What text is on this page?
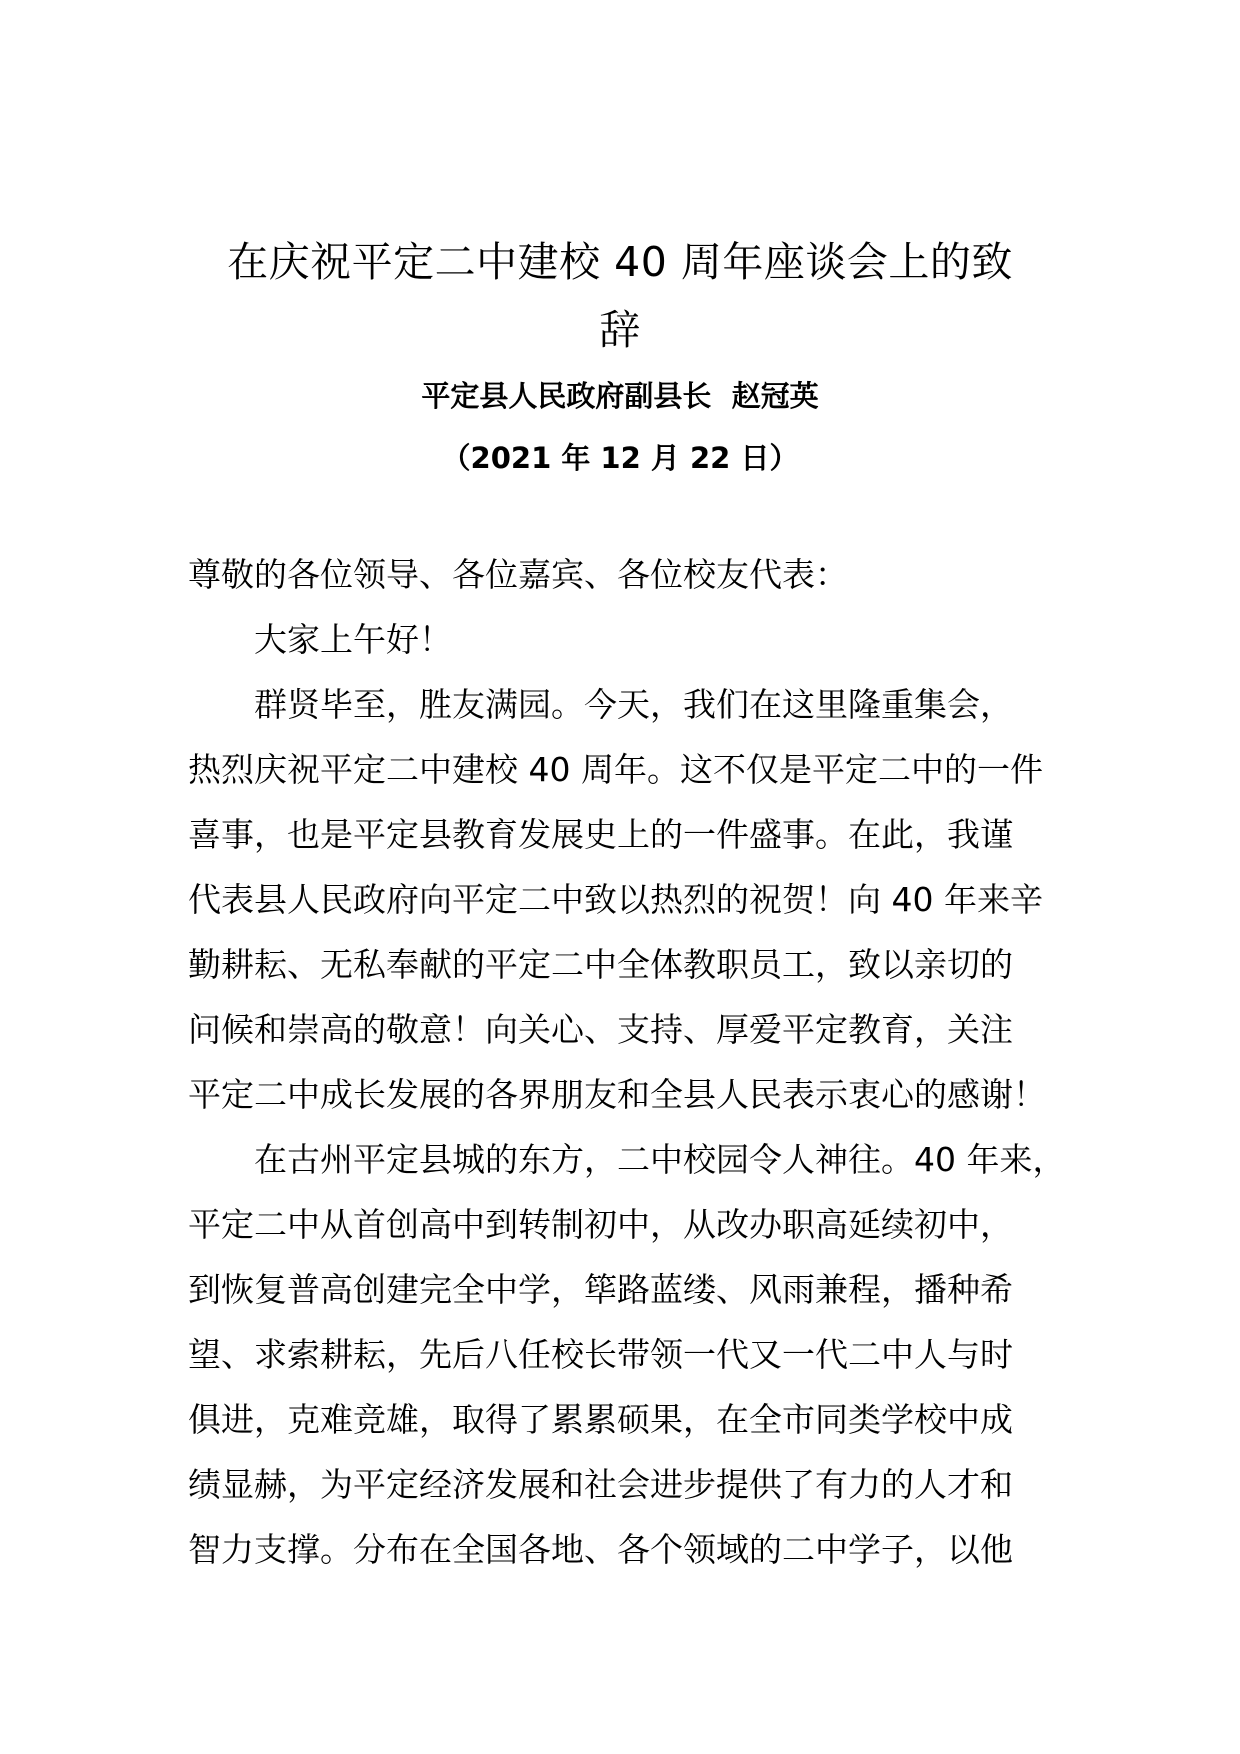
在庆祝平定二中建校 40 周年座谈会上的致
辞
平定县人民政府副县长  赵冠英
（2021 年 12 月 22 日）
尊敬的各位领导、各位嘉宾、各位校友代表：
大家上午好！
群贤毕至，胜友满园。今天，我们在这里隆重集会，
热烈庆祝平定二中建校 40 周年。这不仅是平定二中的一件
喜事，也是平定县教育发展史上的一件盛事。在此，我谨
代表县人民政府向平定二中致以热烈的祝贺！向 40 年来辛
勤耕耘、无私奉献的平定二中全体教职员工，致以亲切的
问候和崇高的敬意！向关心、支持、厚爱平定教育，关注
平定二中成长发展的各界朋友和全县人民表示衷心的感谢！
在古州平定县城的东方，二中校园令人神往。40 年来，
平定二中从首创高中到转制初中，从改办职高延续初中，
到恢复普高创建完全中学，筚路蓝缕、风雨兼程，播种希
望、求索耕耘，先后八任校长带领一代又一代二中人与时
俱进，克难竞雄，取得了累累硕果，在全市同类学校中成
绩显赫，为平定经济发展和社会进步提供了有力的人才和
智力支撑。分布在全国各地、各个领域的二中学子，以他
